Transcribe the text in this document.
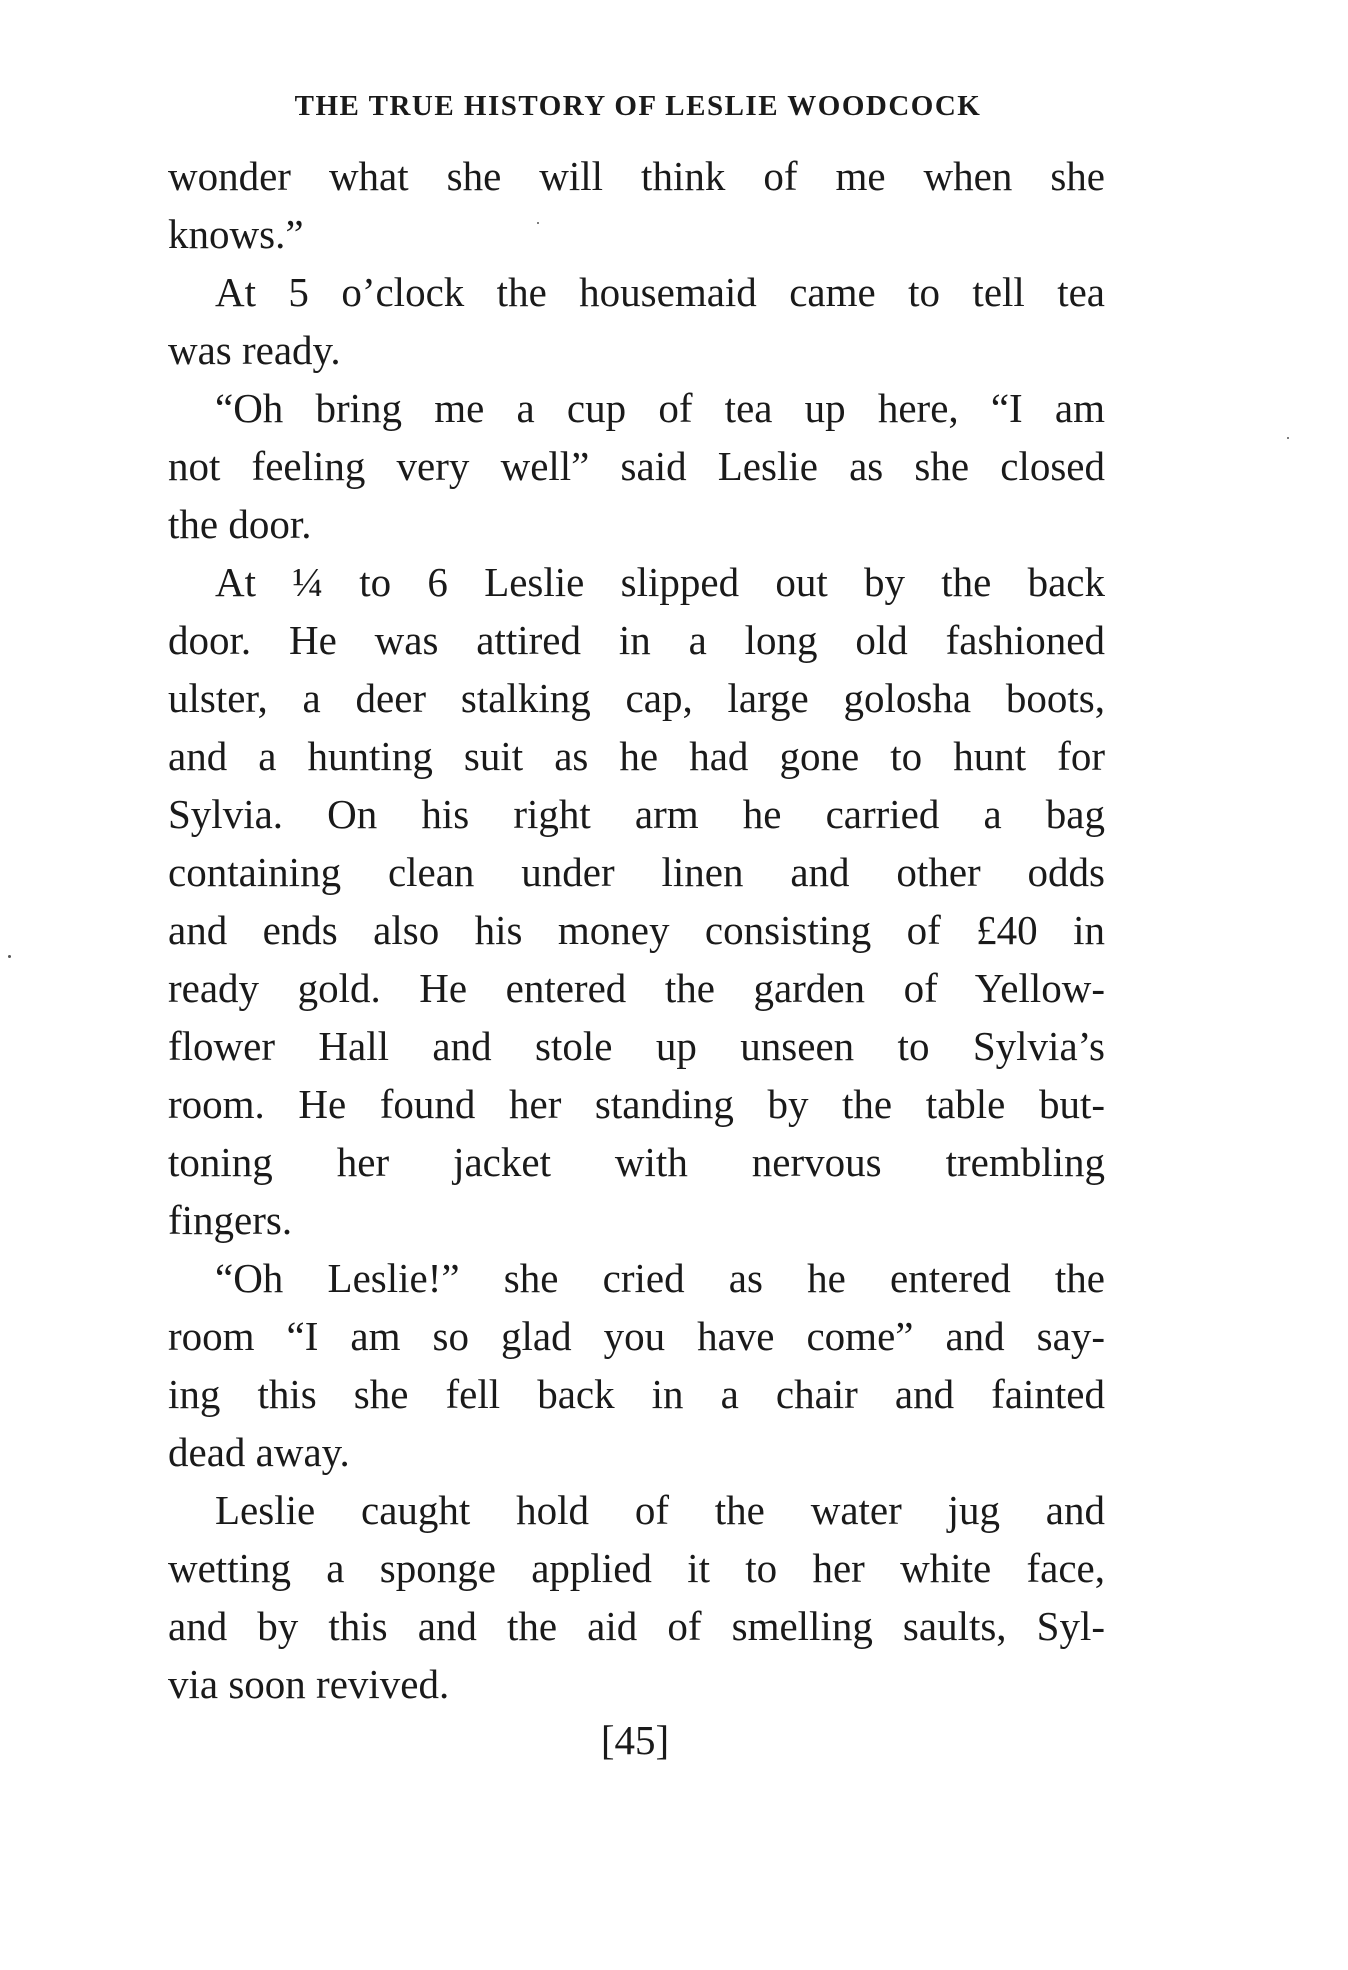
THE TRUE HISTORY OF LESLIE WOODCOCK
wonder what she will think of me when she
knows.”
At 5 o’clock the housemaid came to tell tea
was ready.
“Oh bring me a cup of tea up here, “I am
not feeling very well” said Leslie as she closed
the door.
At ¼ to 6 Leslie slipped out by the back
door. He was attired in a long old fashioned
ulster, a deer stalking cap, large golosha boots,
and a hunting suit as he had gone to hunt for
Sylvia. On his right arm he carried a bag
containing clean under linen and other odds
and ends also his money consisting of £40 in
ready gold. He entered the garden of Yellow-
flower Hall and stole up unseen to Sylvia’s
room. He found her standing by the table but-
toning her jacket with nervous trembling
fingers.
“Oh Leslie!” she cried as he entered the
room “I am so glad you have come” and say-
ing this she fell back in a chair and fainted
dead away.
Leslie caught hold of the water jug and
wetting a sponge applied it to her white face,
and by this and the aid of smelling saults, Syl-
via soon revived.
[45]
